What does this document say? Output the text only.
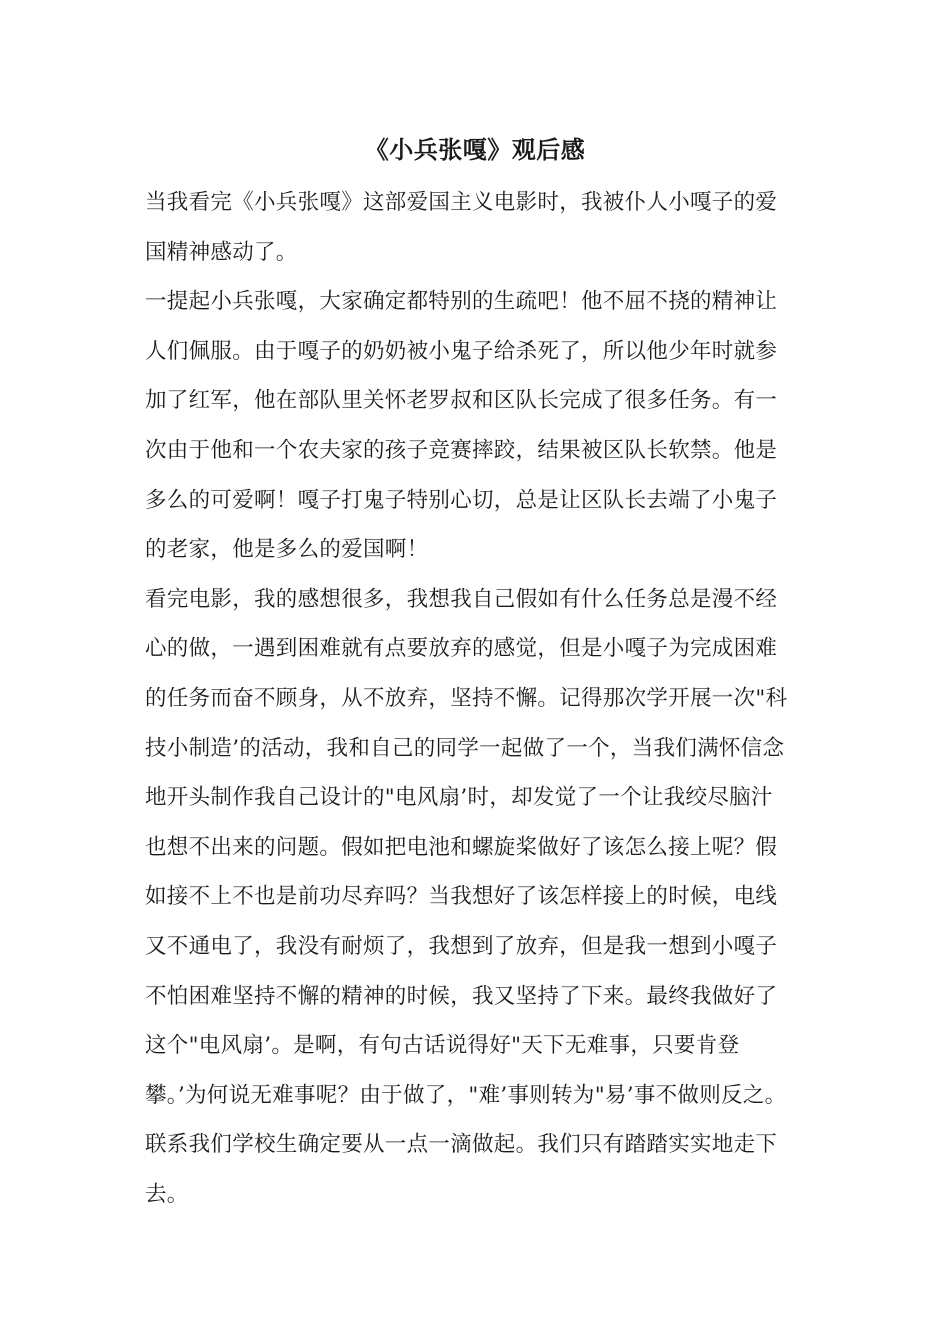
《小兵张嘎》观后感
当我看完《小兵张嘎》这部爱国主义电影时，我被仆人小嘎子的爱
国精神感动了。
一提起小兵张嘎，大家确定都特别的生疏吧！他不屈不挠的精神让
人们佩服。由于嘎子的奶奶被小鬼子给杀死了，所以他少年时就参
加了红军，他在部队里关怀老罗叔和区队长完成了很多任务。有一
次由于他和一个农夫家的孩子竞赛摔跤，结果被区队长软禁。他是
多么的可爱啊！嘎子打鬼子特别心切，总是让区队长去端了小鬼子
的老家，他是多么的爱国啊！
看完电影，我的感想很多，我想我自己假如有什么任务总是漫不经
心的做，一遇到困难就有点要放弃的感觉，但是小嘎子为完成困难
的任务而奋不顾身，从不放弃，坚持不懈。记得那次学开展一次"科
技小制造’的活动，我和自己的同学一起做了一个，当我们满怀信念
地开头制作我自己设计的"电风扇’时，却发觉了一个让我绞尽脑汁
也想不出来的问题。假如把电池和螺旋桨做好了该怎么接上呢？假
如接不上不也是前功尽弃吗？当我想好了该怎样接上的时候，电线
又不通电了，我没有耐烦了，我想到了放弃，但是我一想到小嘎子
不怕困难坚持不懈的精神的时候，我又坚持了下来。最终我做好了
这个"电风扇’。是啊，有句古话说得好"天下无难事，只要肯登
攀。’为何说无难事呢？由于做了，"难’事则转为"易’事不做则反之。
联系我们学校生确定要从一点一滴做起。我们只有踏踏实实地走下
去。
